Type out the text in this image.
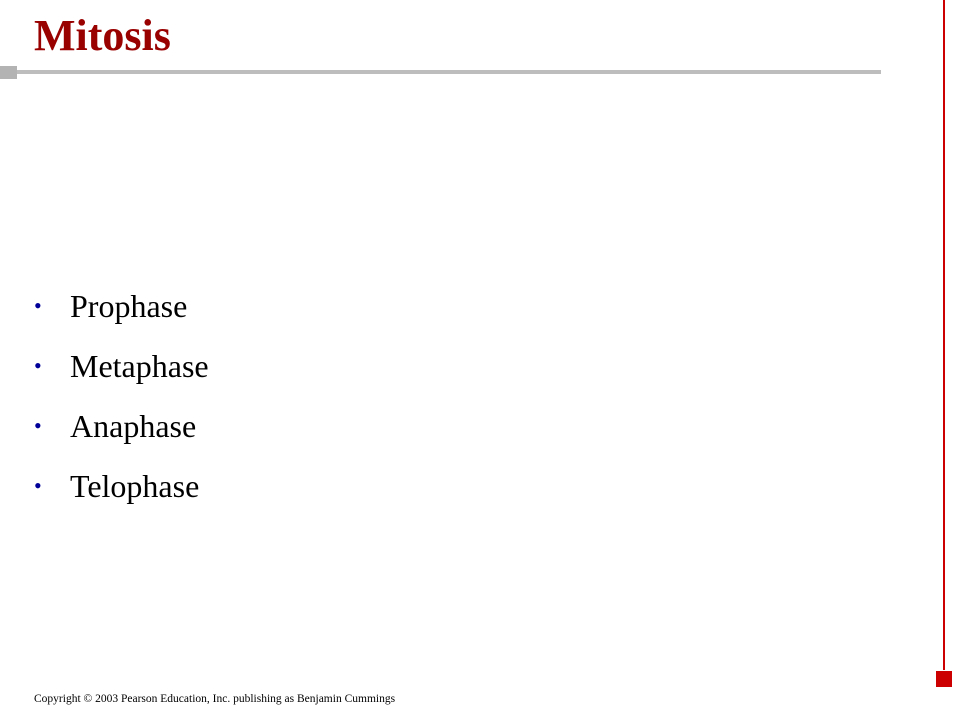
Mitosis
• Prophase
• Metaphase
• Anaphase
• Telophase
Copyright © 2003 Pearson Education, Inc. publishing as Benjamin Cummings
